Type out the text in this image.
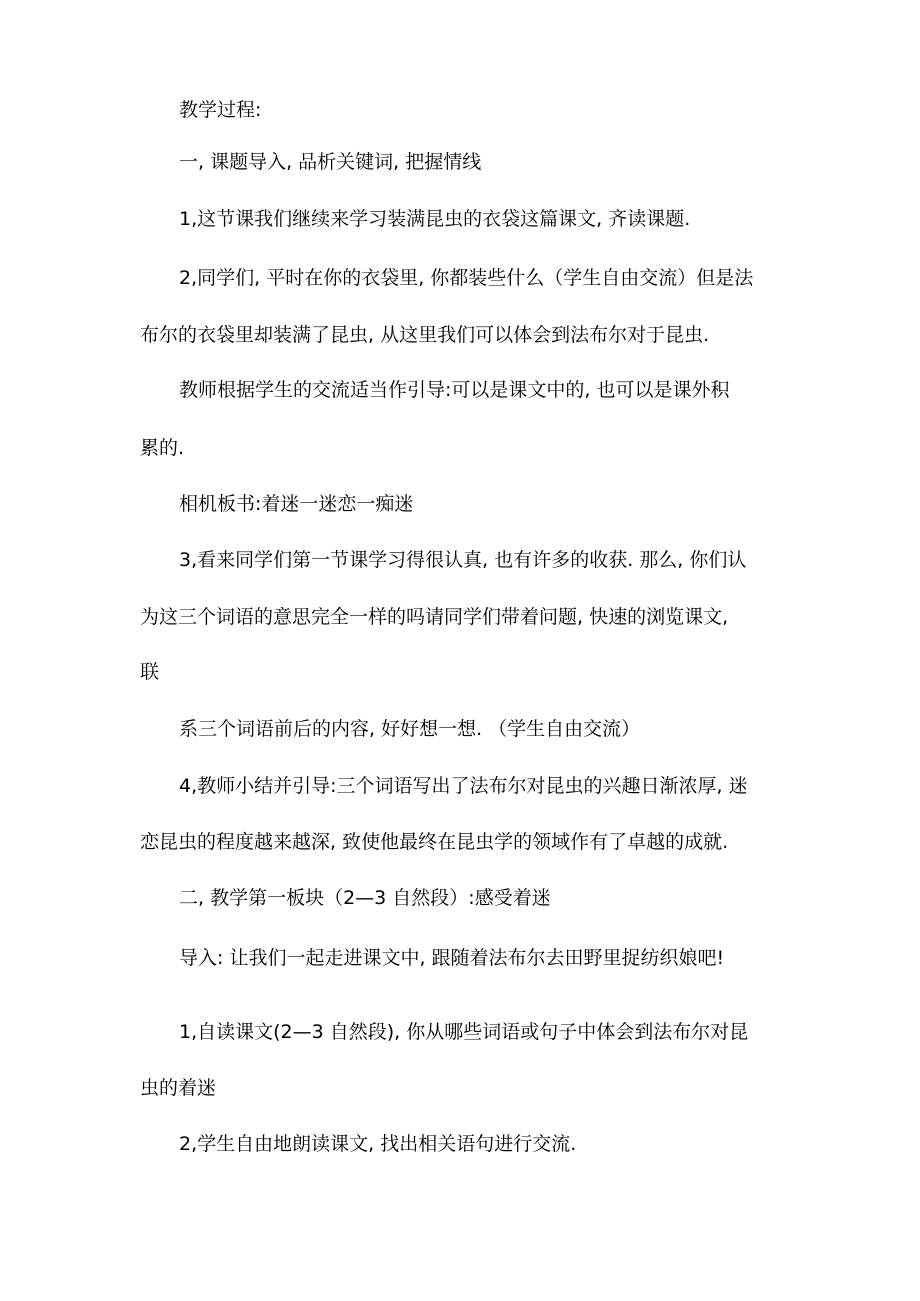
教学过程:

一, 课题导入, 品析关键词, 把握情线

1,这节课我们继续来学习装满昆虫的衣袋这篇课文, 齐读课题.

2,同学们, 平时在你的衣袋里, 你都装些什么（学生自由交流）但是法

布尔的衣袋里却装满了昆虫, 从这里我们可以体会到法布尔对于昆虫.

教师根据学生的交流适当作引导:可以是课文中的, 也可以是课外积

累的.

相机板书:着迷一迷恋一痴迷

3,看来同学们第一节课学习得很认真, 也有许多的收获. 那么, 你们认

为这三个词语的意思完全一样的吗请同学们带着问题, 快速的浏览课文,

联

系三个词语前后的内容, 好好想一想. （学生自由交流）

4,教师小结并引导:三个词语写出了法布尔对昆虫的兴趣日渐浓厚, 迷

恋昆虫的程度越来越深, 致使他最终在昆虫学的领域作有了卓越的成就.

二, 教学第一板块（2—3 自然段）:感受着迷

导入: 让我们一起走进课文中, 跟随着法布尔去田野里捉纺织娘吧!

1,自读课文(2—3 自然段), 你从哪些词语或句子中体会到法布尔对昆

虫的着迷

2,学生自由地朗读课文, 找出相关语句进行交流.
